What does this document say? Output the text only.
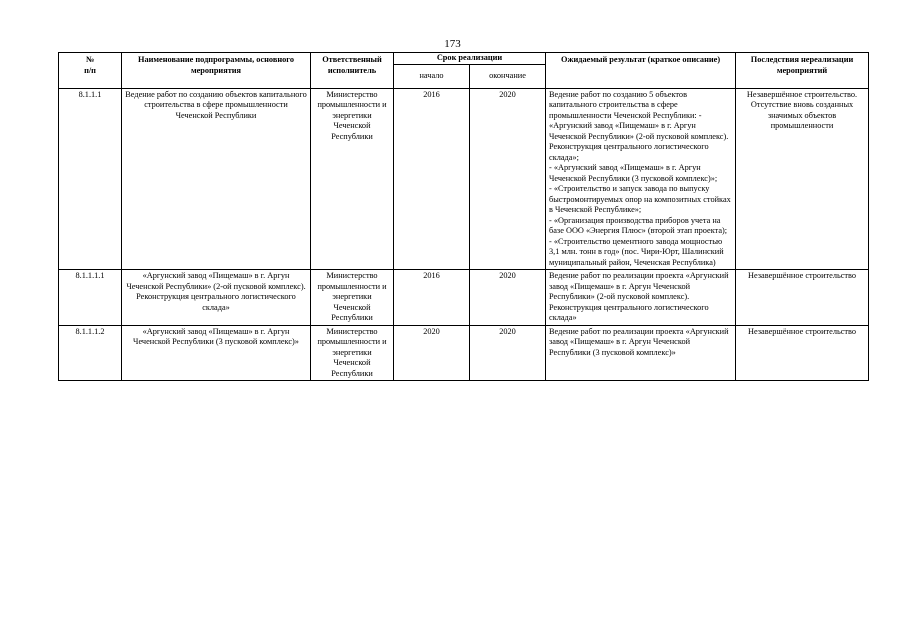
173
№
п/п	Наименование подпрограммы, основного мероприятия	Ответственный исполнитель	Срок реализации		Ожидаемый результат (краткое описание)	Последствия нереализации мероприятий
			начало	окончание		
8.1.1.1	Ведение работ по созданию объектов капитального строительства в сфере промышленности Чеченской Республики	Министерство промышленности и энергетики Чеченской Республики	2016	2020	Ведение работ по созданию 5 объектов капитального строительства в сфере промышленности Чеченской Республики: - «Аргунский завод «Пищемаш» в г. Аргун Чеченской Республики» (2-ой пусковой комплекс). Реконструкция центрального логистического склада»;
- «Аргунский завод «Пищемаш» в г. Аргун Чеченской Республики (3 пусковой комплекс)»;
- «Строительство и запуск завода по выпуску быстромонтируемых опор на композитных стойках в Чеченской Республике»;
- «Организация производства приборов учета на базе ООО «Энергия Плюс» (второй этап проекта);
- «Строительство цементного завода мощностью 3,1 млн. тонн в год» (пос. Чири-Юрт, Шалинский муниципальный район, Чеченская Республика)	Незавершённое строительство. Отсутствие вновь созданных значимых объектов промышленности
8.1.1.1.1	«Аргунский завод «Пищемаш» в г. Аргун Чеченской Республики» (2-ой пусковой комплекс). Реконструкция центрального логистического склада»	Министерство промышленности и энергетики Чеченской Республики	2016	2020	Ведение работ по реализации проекта «Аргунский завод «Пищемаш» в г. Аргун Чеченской Республики» (2-ой пусковой комплекс). Реконструкция центрального логистического склада»	Незавершённое строительство
8.1.1.1.2	«Аргунский завод «Пищемаш» в г. Аргун Чеченской Республики (3 пусковой комплекс)»	Министерство промышленности и энергетики Чеченской Республики	2020	2020	Ведение работ по реализации проекта «Аргунский завод «Пищемаш» в г. Аргун Чеченской Республики (3 пусковой комплекс)»	Незавершённое строительство
